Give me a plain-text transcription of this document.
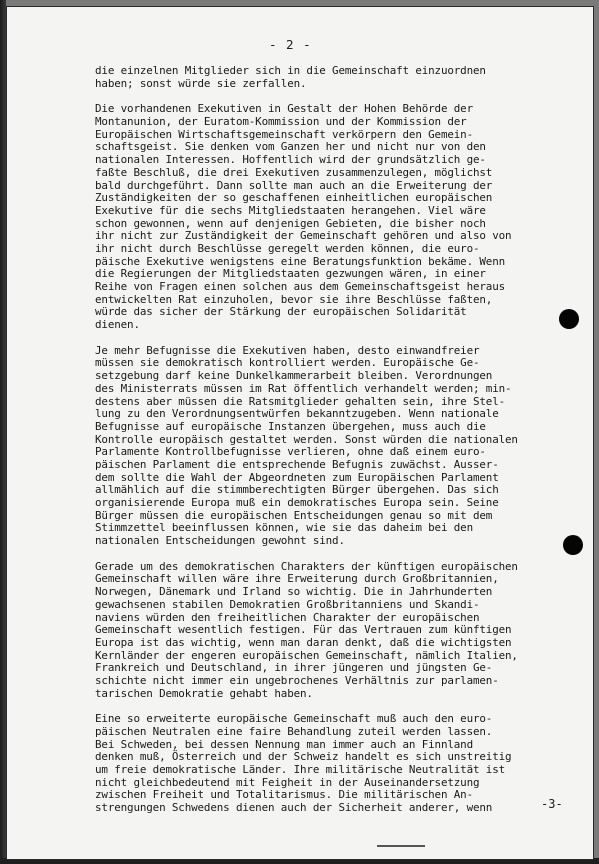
- 2 -
die einzelnen Mitglieder sich in die Gemeinschaft einzuordnen
haben; sonst würde sie zerfallen.
Die vorhandenen Exekutiven in Gestalt der Hohen Behörde der
Montanunion, der Euratom-Kommission und der Kommission der
Europäischen Wirtschaftsgemeinschaft verkörpern den Gemein-
schaftsgeist. Sie denken vom Ganzen her und nicht nur von den
nationalen Interessen. Hoffentlich wird der grundsätzlich ge-
faßte Beschluß, die drei Exekutiven zusammenzulegen, möglichst
bald durchgeführt. Dann sollte man auch an die Erweiterung der
Zuständigkeiten der so geschaffenen einheitlichen europäischen
Exekutive für die sechs Mitgliedstaaten herangehen. Viel wäre
schon gewonnen, wenn auf denjenigen Gebieten, die bisher noch
ihr nicht zur Zuständigkeit der Gemeinschaft gehören und also von
ihr nicht durch Beschlüsse geregelt werden können, die euro-
päische Exekutive wenigstens eine Beratungsfunktion bekäme. Wenn
die Regierungen der Mitgliedstaaten gezwungen wären, in einer
Reihe von Fragen einen solchen aus dem Gemeinschaftsgeist heraus
entwickelten Rat einzuholen, bevor sie ihre Beschlüsse faßten,
würde das sicher der Stärkung der europäischen Solidarität
dienen.
Je mehr Befugnisse die Exekutiven haben, desto einwandfreier
müssen sie demokratisch kontrolliert werden. Europäische Ge-
setzgebung darf keine Dunkelkammerarbeit bleiben. Verordnungen
des Ministerrats müssen im Rat öffentlich verhandelt werden; min-
destens aber müssen die Ratsmitglieder gehalten sein, ihre Stel-
lung zu den Verordnungsentwürfen bekanntzugeben. Wenn nationale
Befugnisse auf europäische Instanzen übergehen, muss auch die
Kontrolle europäisch gestaltet werden. Sonst würden die nationalen
Parlamente Kontrollbefugnisse verlieren, ohne daß einem euro-
päischen Parlament die entsprechende Befugnis zuwächst. Ausser-
dem sollte die Wahl der Abgeordneten zum Europäischen Parlament
allmählich auf die stimmberechtigten Bürger übergehen. Das sich
organisierende Europa muß ein demokratisches Europa sein. Seine
Bürger müssen die europäischen Entscheidungen genau so mit dem
Stimmzettel beeinflussen können, wie sie das daheim bei den
nationalen Entscheidungen gewohnt sind.
Gerade um des demokratischen Charakters der künftigen europäischen
Gemeinschaft willen wäre ihre Erweiterung durch Großbritannien,
Norwegen, Dänemark und Irland so wichtig. Die in Jahrhunderten
gewachsenen stabilen Demokratien Großbritanniens und Skandi-
naviens würden den freiheitlichen Charakter der europäischen
Gemeinschaft wesentlich festigen. Für das Vertrauen zum künftigen
Europa ist das wichtig, wenn man daran denkt, daß die wichtigsten
Kernländer der engeren europäischen Gemeinschaft, nämlich Italien,
Frankreich und Deutschland, in ihrer jüngeren und jüngsten Ge-
schichte nicht immer ein ungebrochenes Verhältnis zur parlamen-
tarischen Demokratie gehabt haben.
Eine so erweiterte europäische Gemeinschaft muß auch den euro-
päischen Neutralen eine faire Behandlung zuteil werden lassen.
Bei Schweden, bei dessen Nennung man immer auch an Finnland
denken muß, Österreich und der Schweiz handelt es sich unstreitig
um freie demokratische Länder. Ihre militärische Neutralität ist
nicht gleichbedeutend mit Feigheit in der Auseinandersetzung
zwischen Freiheit und Totalitarismus. Die militärischen An-
strengungen Schwedens dienen auch der Sicherheit anderer, wenn	-3-
